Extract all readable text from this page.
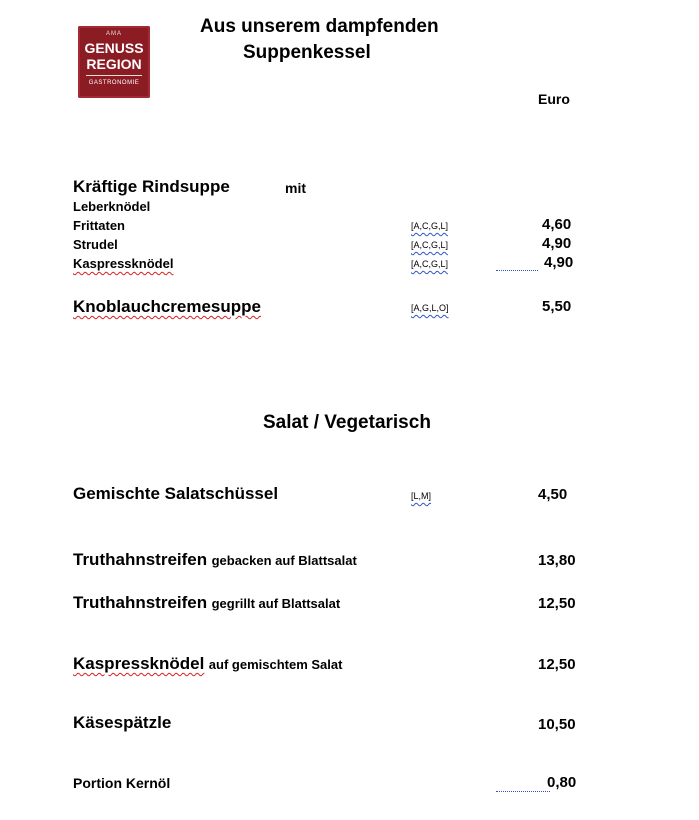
AMA
GENUSS
REGION
GASTRONOMIE
Aus unserem dampfenden
Suppenkessel
Euro
Kräftige Rindsuppe	mit
Leberknödel
Frittaten	[A,C,G,L]	4,60
Strudel	[A,C,G,L]	4,90
Kaspressknödel	[A,C,G,L]	4,90
Knoblauchcremesuppe	[A,G,L,O]	5,50
Salat / Vegetarisch
Gemischte Salatschüssel	[L,M]	4,50
Truthahnstreifen gebacken auf Blattsalat	13,80
Truthahnstreifen gegrillt auf Blattsalat	12,50
Kaspressknödel auf gemischtem Salat	12,50
Käsespätzle	10,50
Portion Kernöl	0,80
